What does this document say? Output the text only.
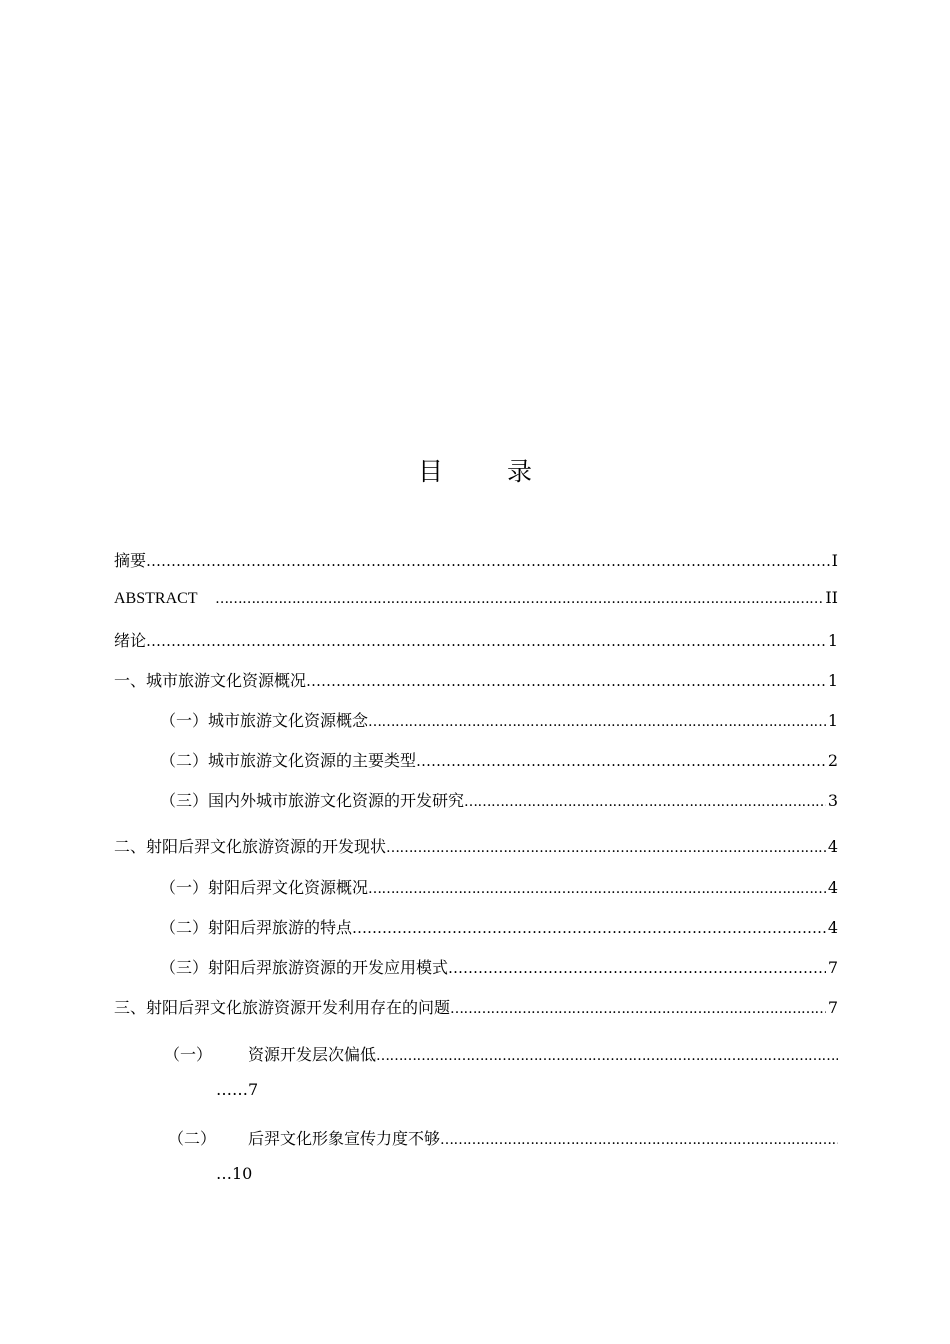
目 录
摘要 ……………………………………………………………………………………………………………………………………………………………………………………………………………	I
ABSTRACT ……………………………………………………………………………………………………………………………………………………………………………………………………………	II
绪论 ……………………………………………………………………………………………………………………………………………………………………………………………………………	1
一、城市旅游文化资源概况 ……………………………………………………………………………………………………………………………………………………………………………………………………………	1
（一）城市旅游文化资源概念 ……………………………………………………………………………………………………………………………………………………………………………………………………………	1
（二）城市旅游文化资源的主要类型 ……………………………………………………………………………………………………………………………………………………………………………………………………………	2
（三）国内外城市旅游文化资源的开发研究 ……………………………………………………………………………………………………………………………………………………………………………………………………………	3
二、射阳后羿文化旅游资源的开发现状 ……………………………………………………………………………………………………………………………………………………………………………………………………………	4
（一）射阳后羿文化资源概况 ……………………………………………………………………………………………………………………………………………………………………………………………………………	4
（二）射阳后羿旅游的特点 ……………………………………………………………………………………………………………………………………………………………………………………………………………	4
（三）射阳后羿旅游资源的开发应用模式 ……………………………………………………………………………………………………………………………………………………………………………………………………………	7
三、射阳后羿文化旅游资源开发利用存在的问题 ……………………………………………………………………………………………………………………………………………………………………………………………………………	7
（一）	资源开发层次偏低
……………………………………………………………………………………………………………………………………………………………………………………………………………
……7
（二）	后羿文化形象宣传力度不够
……………………………………………………………………………………………………………………………………………………………………………………………………………
…10
